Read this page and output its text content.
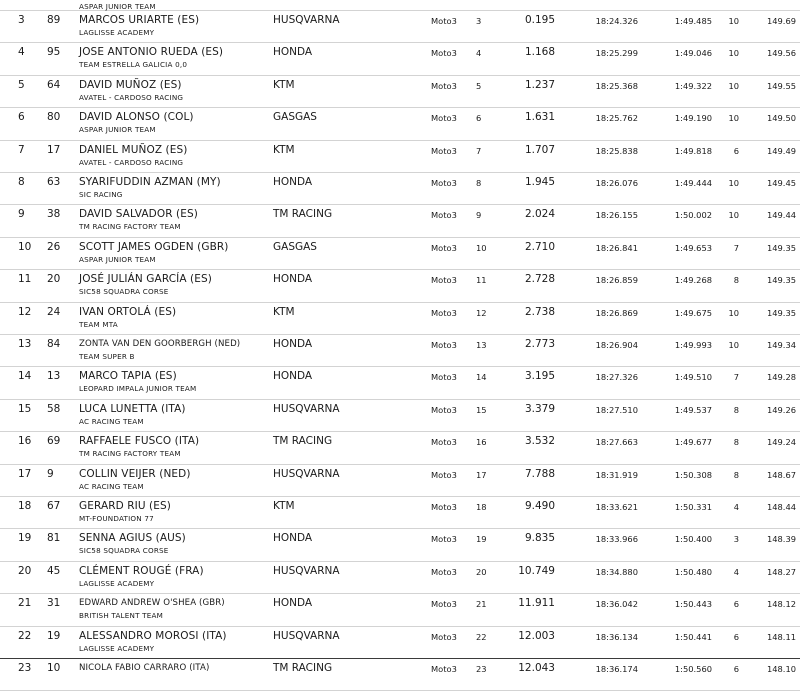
ASPAR JUNIOR TEAM
3 89 MARCOS URIARTE (ES)
LAGLISSE ACADEMY
HUSQVARNA	Moto3 3	0.195	18:24.326	1:49.485 10	149.69
4 95 JOSE ANTONIO RUEDA (ES)
TEAM ESTRELLA GALICIA 0,0
HONDA	Moto3 4	1.168	18:25.299	1:49.046 10	149.56
5 64 DAVID MUÑOZ (ES)
AVATEL - CARDOSO RACING
KTM	Moto3 5	1.237	18:25.368	1:49.322 10	149.55
6 80 DAVID ALONSO (COL)
ASPAR JUNIOR TEAM
GASGAS	Moto3 6	1.631	18:25.762	1:49.190 10	149.50
7 17 DANIEL MUÑOZ (ES)
AVATEL - CARDOSO RACING
KTM	Moto3 7	1.707	18:25.838	1:49.818	6	149.49
8 63 SYARIFUDDIN AZMAN (MY)
SIC RACING
HONDA	Moto3 8	1.945	18:26.076	1:49.444 10	149.45
9 38 DAVID SALVADOR (ES)
TM RACING FACTORY TEAM
TM RACING	Moto3 9	2.024	18:26.155	1:50.002 10	149.44
10 26 SCOTT JAMES OGDEN (GBR)
ASPAR JUNIOR TEAM
GASGAS	Moto3 10	2.710	18:26.841	1:49.653	7	149.35
11 20 JOSÉ JULIÁN GARCÍA (ES)
SIC58 SQUADRA CORSE
HONDA	Moto3 11	2.728	18:26.859	1:49.268	8	149.35
12 24 IVAN ORTOLÁ (ES)
TEAM MTA
KTM	Moto3 12	2.738	18:26.869	1:49.675 10	149.35
13 84 ZONTA VAN DEN GOORBERGH (NED)
TEAM SUPER B
HONDA	Moto3 13	2.773	18:26.904	1:49.993 10	149.34
14 13 MARCO TAPIA (ES)
LEOPARD IMPALA JUNIOR TEAM
HONDA	Moto3 14	3.195	18:27.326	1:49.510	7	149.28
15 58 LUCA LUNETTA (ITA)
AC RACING TEAM
HUSQVARNA	Moto3 15	3.379	18:27.510	1:49.537	8	149.26
16 69 RAFFAELE FUSCO (ITA)
TM RACING FACTORY TEAM
TM RACING	Moto3 16	3.532	18:27.663	1:49.677	8	149.24
17 9 COLLIN VEIJER (NED)
AC RACING TEAM
HUSQVARNA	Moto3 17	7.788	18:31.919	1:50.308	8	148.67
18 67 GERARD RIU (ES)
MT-FOUNDATION 77
KTM	Moto3 18	9.490	18:33.621	1:50.331	4	148.44
19 81 SENNA AGIUS (AUS)
SIC58 SQUADRA CORSE
HONDA	Moto3 19	9.835	18:33.966	1:50.400	3	148.39
20 45 CLÉMENT ROUGÉ (FRA)
LAGLISSE ACADEMY
HUSQVARNA	Moto3 20	10.749	18:34.880	1:50.480	4	148.27
21 31 EDWARD ANDREW O'SHEA (GBR)
BRITISH TALENT TEAM
HONDA	Moto3 21	11.911	18:36.042	1:50.443	6	148.12
22 19 ALESSANDRO MOROSI (ITA)
LAGLISSE ACADEMY
HUSQVARNA	Moto3 22	12.003	18:36.134	1:50.441	6	148.11
23 10 NICOLA FABIO CARRARO (ITA)	TM RACING	Moto3 23	12.043	18:36.174	1:50.560	6	148.10
